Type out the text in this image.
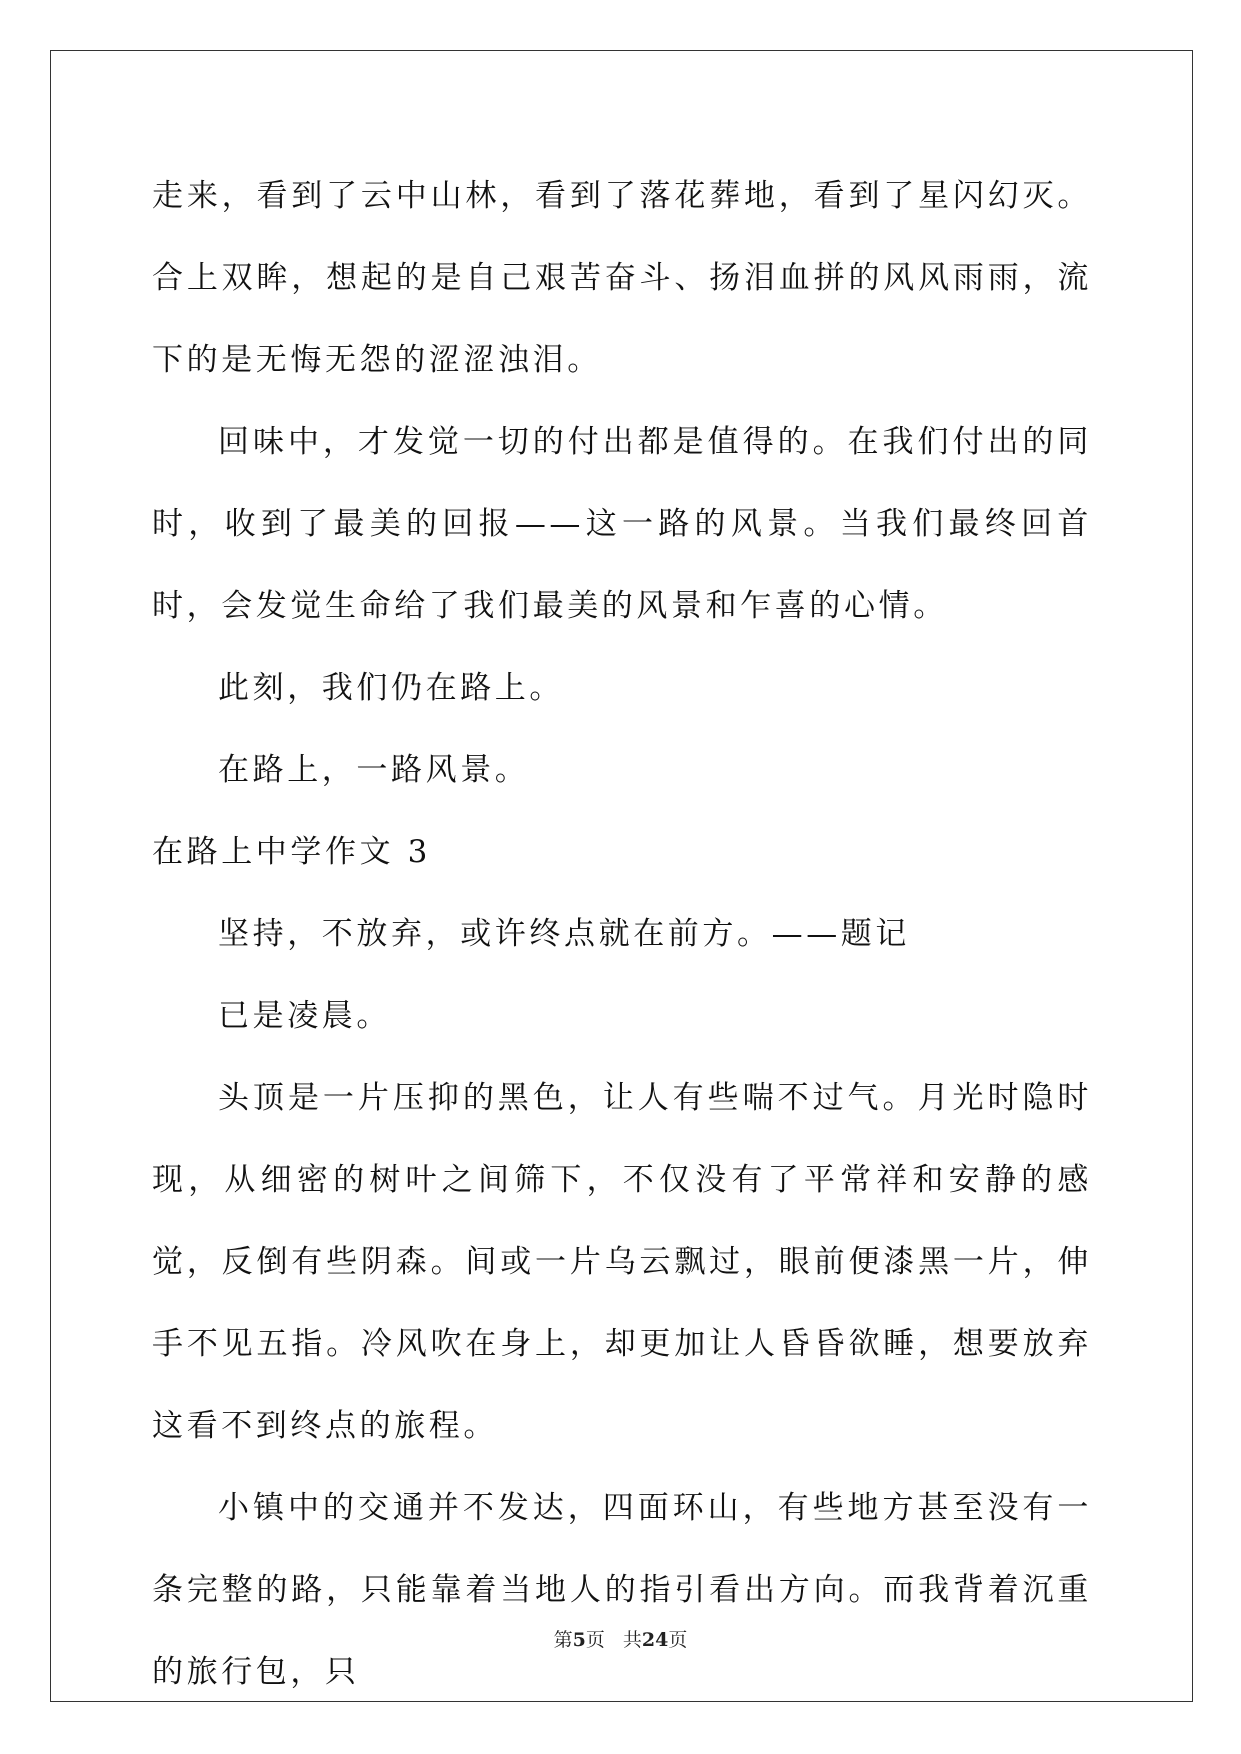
走来，看到了云中山林，看到了落花葬地，看到了星闪幻灭。合上双眸，想起的是自己艰苦奋斗、扬泪血拼的风风雨雨，流下的是无悔无怨的涩涩浊泪。

回味中，才发觉一切的付出都是值得的。在我们付出的同时，收到了最美的回报——这一路的风景。当我们最终回首时，会发觉生命给了我们最美的风景和乍喜的心情。

此刻，我们仍在路上。

在路上，一路风景。

在路上中学作文 3

坚持，不放弃，或许终点就在前方。——题记

已是凌晨。

头顶是一片压抑的黑色，让人有些喘不过气。月光时隐时现，从细密的树叶之间筛下，不仅没有了平常祥和安静的感觉，反倒有些阴森。间或一片乌云飘过，眼前便漆黑一片，伸手不见五指。冷风吹在身上，却更加让人昏昏欲睡，想要放弃这看不到终点的旅程。

小镇中的交通并不发达，四面环山，有些地方甚至没有一条完整的路，只能靠着当地人的指引看出方向。而我背着沉重的旅行包，只

第5页 共24页
